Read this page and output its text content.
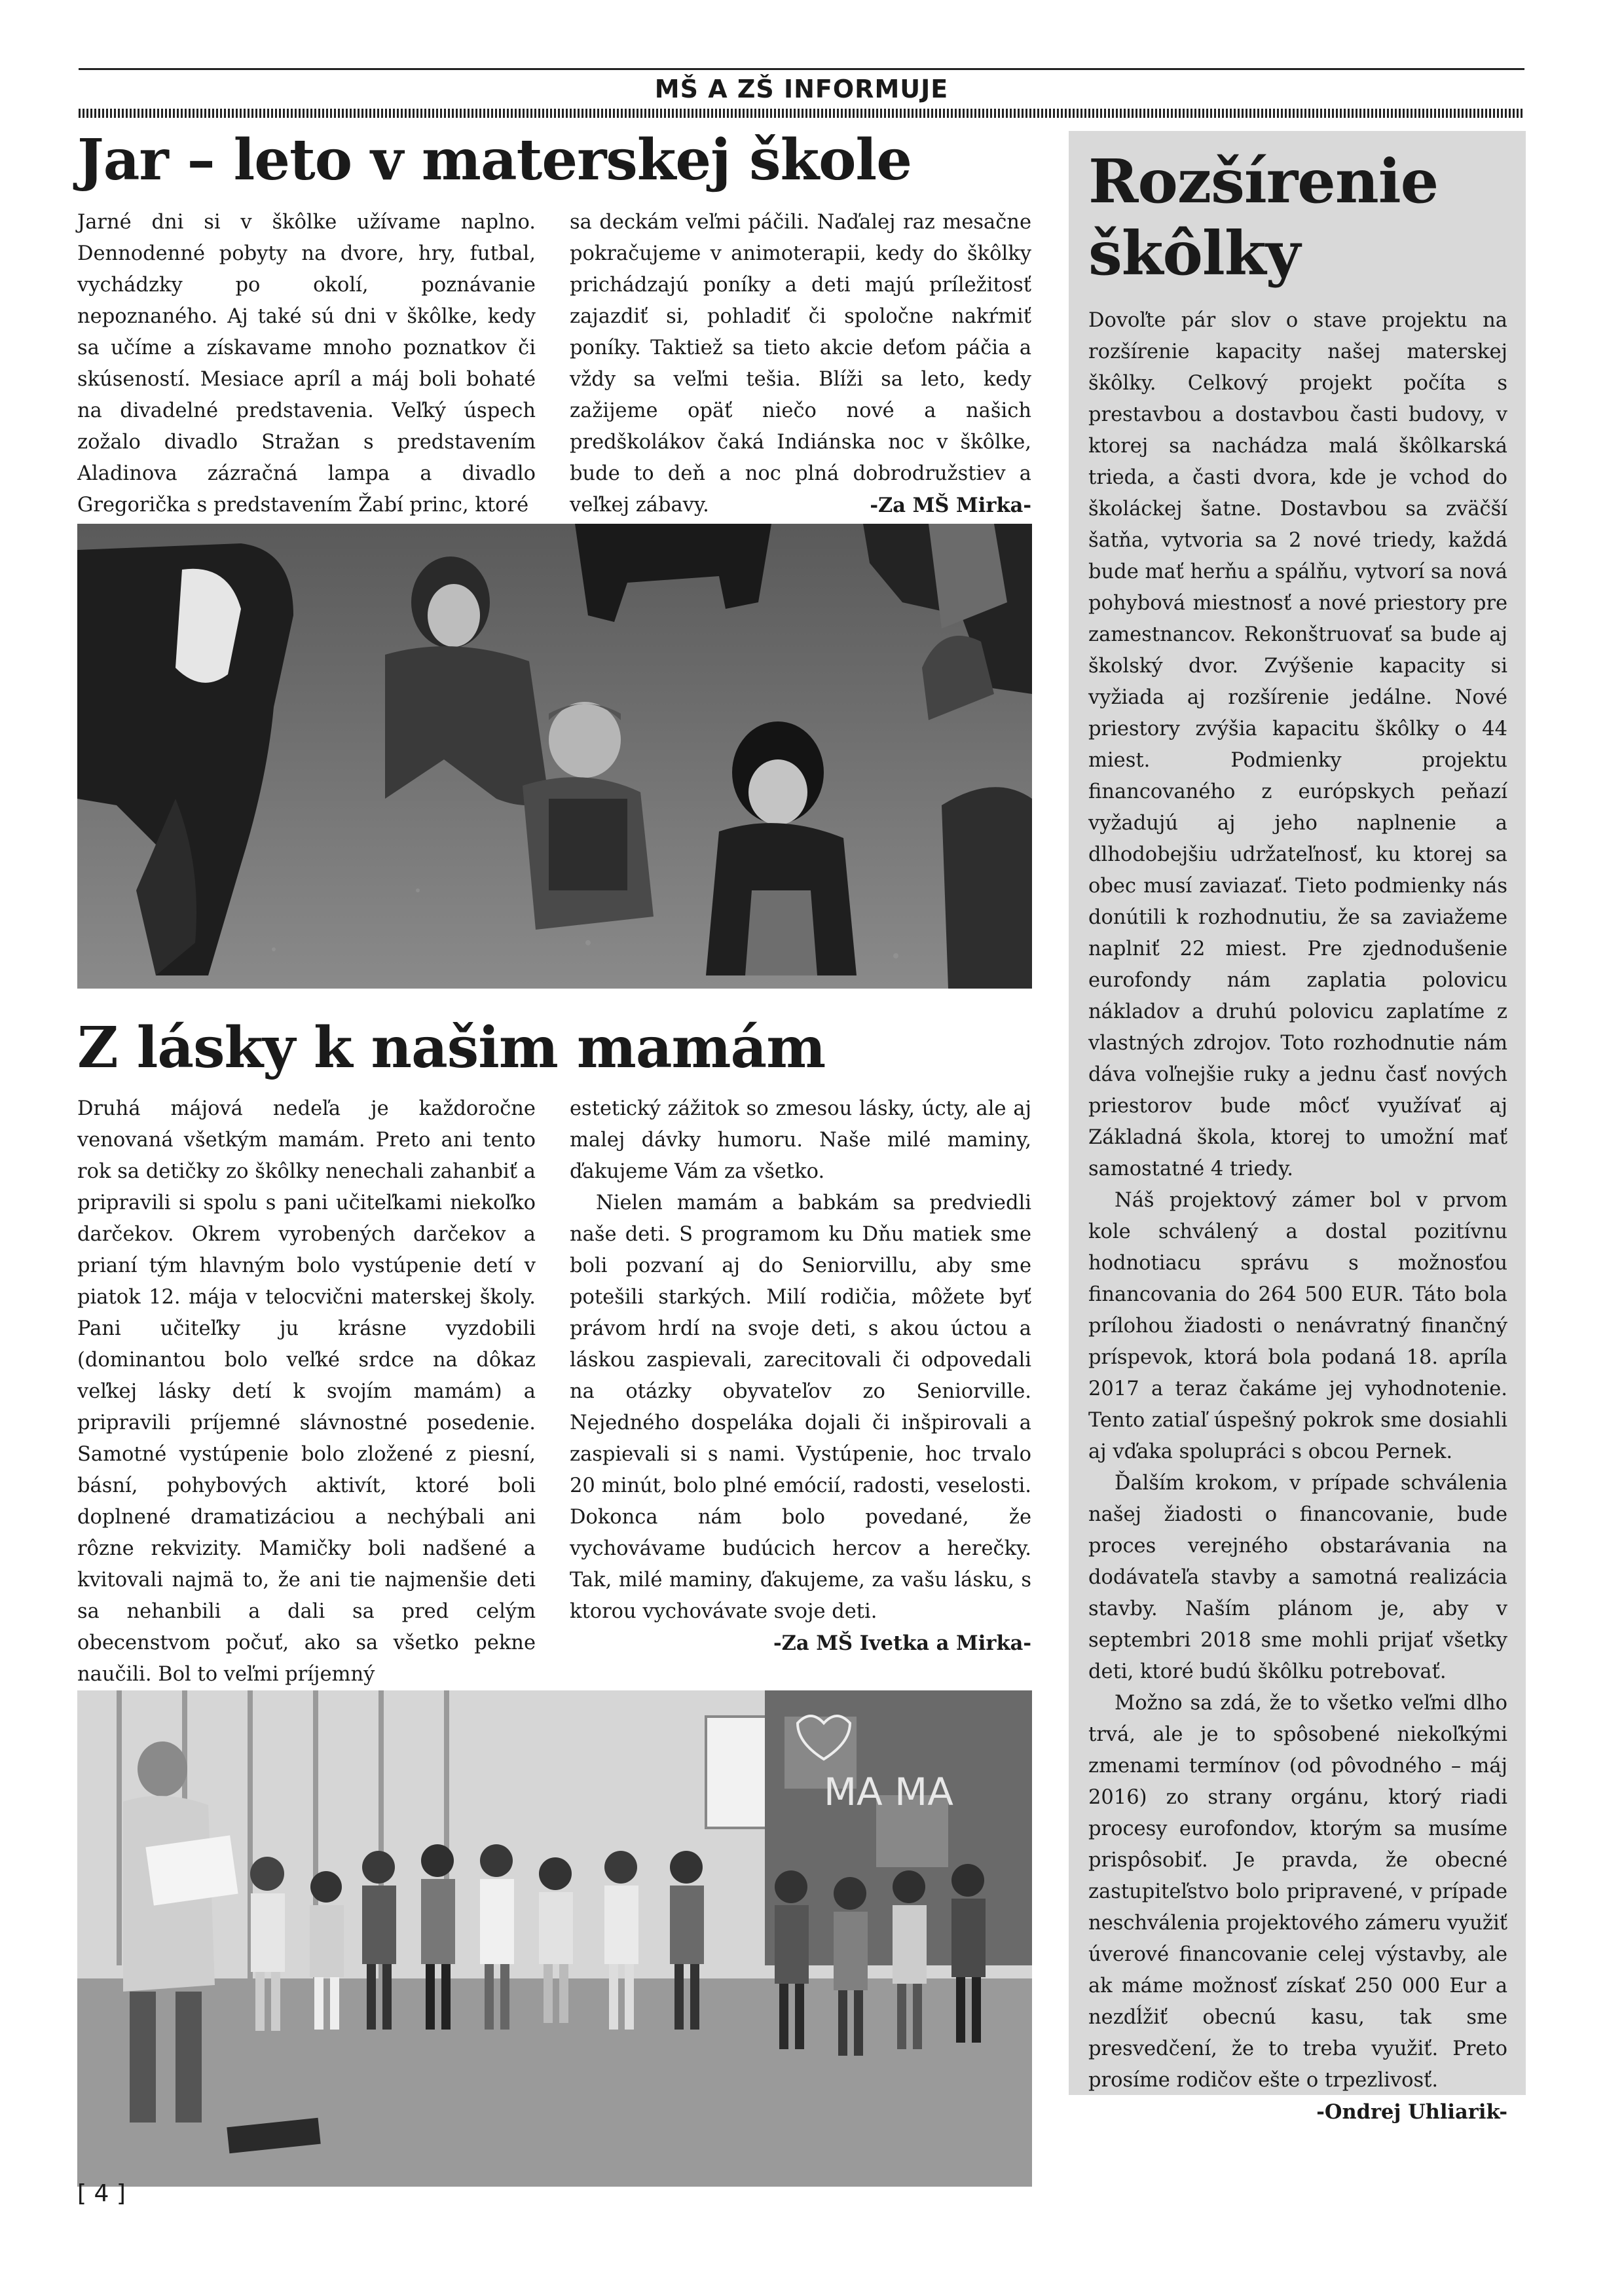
MŠ A ZŠ INFORMUJE
Jar – leto v materskej škole

Jarné dni si v škôlke užívame naplno. Dennodenné pobyty na dvore, hry, futbal, vychádzky po okolí, poznávanie nepoznaného. Aj také sú dni v škôlke, kedy sa učíme a získavame mnoho poznatkov či skúseností. Mesiace apríl a máj boli bohaté na divadelné predstavenia. Veľký úspech zožalo divadlo Stražan s predstavením Aladinova zázračná lampa a divadlo Gregorička s predstavením Žabí princ, ktoré

sa deckám veľmi páčili. Naďalej raz mesačne pokračujeme v animoterapii, kedy do škôlky prichádzajú poníky a deti majú príležitosť zajazdiť si, pohladiť či spoločne nakŕmiť poníky. Taktiež sa tieto akcie deťom páčia a vždy sa veľmi tešia. Blíži sa leto, kedy zažijeme opäť niečo nové a našich predškolákov čaká Indiánska noc v škôlke, bude to deň a noc plná dobrodružstiev a veľkej zábavy.	-Za MŠ Mirka-

Z lásky k našim mamám

Druhá májová nedeľa je každoročne venovaná všetkým mamám. Preto ani tento rok sa detičky zo škôlky nenechali zahanbiť a pripravili si spolu s pani učiteľkami niekoľko darčekov. Okrem vyrobených darčekov a prianí tým hlavným bolo vystúpenie detí v piatok 12. mája v telocvični materskej školy. Pani učiteľky ju krásne vyzdobili (dominantou bolo veľké srdce na dôkaz veľkej lásky detí k svojím mamám) a pripravili príjemné slávnostné posedenie. Samotné vystúpenie bolo zložené z piesní, básní, pohybových aktivít, ktoré boli doplnené dramatizáciou a nechýbali ani rôzne rekvizity. Mamičky boli nadšené a kvitovali najmä to, že ani tie najmenšie deti sa nehanbili a dali sa pred celým obecenstvom počuť, ako sa všetko pekne naučili. Bol to veľmi príjemný

estetický zážitok so zmesou lásky, úcty, ale aj malej dávky humoru. Naše milé maminy, ďakujeme Vám za všetko.

Nielen mamám a babkám sa predviedli naše deti. S programom ku Dňu matiek sme boli pozvaní aj do Seniorvillu, aby sme potešili starkých. Milí rodičia, môžete byť právom hrdí na svoje deti, s akou úctou a láskou zaspievali, zarecitovali či odpovedali na otázky obyvateľov zo Seniorville. Nejedného dospeláka dojali či inšpirovali a zaspievali si s nami. Vystúpenie, hoc trvalo 20 minút, bolo plné emócií, radosti, veselosti. Dokonca nám bolo povedané, že vychovávame budúcich hercov a herečky. Tak, milé maminy, ďakujeme, za vašu lásku, s ktorou vychovávate svoje deti.

-Za MŠ Ivetka a Mirka-
MA MA
Rozšírenie škôlky

Dovoľte pár slov o stave projektu na rozšírenie kapacity našej materskej škôlky. Celkový projekt počíta s prestavbou a dostavbou časti budovy, v ktorej sa nachádza malá škôlkarská trieda, a časti dvora, kde je vchod do školáckej šatne. Dostavbou sa zväčší šatňa, vytvoria sa 2 nové triedy, každá bude mať herňu a spálňu, vytvorí sa nová pohybová miestnosť a nové priestory pre zamestnancov. Rekonštruovať sa bude aj školský dvor. Zvýšenie kapacity si vyžiada aj rozšírenie jedálne. Nové priestory zvýšia kapacitu škôlky o 44 miest. Podmienky projektu financovaného z európskych peňazí vyžadujú aj jeho naplnenie a dlhodobejšiu udržateľnosť, ku ktorej sa obec musí zaviazať. Tieto podmienky nás donútili k rozhodnutiu, že sa zaviažeme naplniť 22 miest. Pre zjednodušenie eurofondy nám zaplatia polovicu nákladov a druhú polovicu zaplatíme z vlastných zdrojov. Toto rozhodnutie nám dáva voľnejšie ruky a jednu časť nových priestorov bude môcť využívať aj Základná škola, ktorej to umožní mať samostatné 4 triedy.

Náš projektový zámer bol v prvom kole schválený a dostal pozitívnu hodnotiacu správu s možnosťou financovania do 264 500 EUR. Táto bola prílohou žiadosti o nenávratný finančný príspevok, ktorá bola podaná 18. apríla 2017 a teraz čakáme jej vyhodnotenie. Tento zatiaľ úspešný pokrok sme dosiahli aj vďaka spolupráci s obcou Pernek.

Ďalším krokom, v prípade schválenia našej žiadosti o financovanie, bude proces verejného obstarávania na dodávateľa stavby a samotná realizácia stavby. Naším plánom je, aby v septembri 2018 sme mohli prijať všetky deti, ktoré budú škôlku potrebovať.

Možno sa zdá, že to všetko veľmi dlho trvá, ale je to spôsobené niekoľkými zmenami termínov (od pôvodného – máj 2016) zo strany orgánu, ktorý riadi procesy eurofondov, ktorým sa musíme prispôsobiť. Je pravda, že obecné zastupiteľstvo bolo pripravené, v prípade neschválenia projektového zámeru využiť úverové financovanie celej výstavby, ale ak máme možnosť získať 250 000 Eur a nezdĺžiť obecnú kasu, tak sme presvedčení, že to treba využiť. Preto prosíme rodičov ešte o trpezlivosť.
-Ondrej Uhliarik-

[ 4 ]
